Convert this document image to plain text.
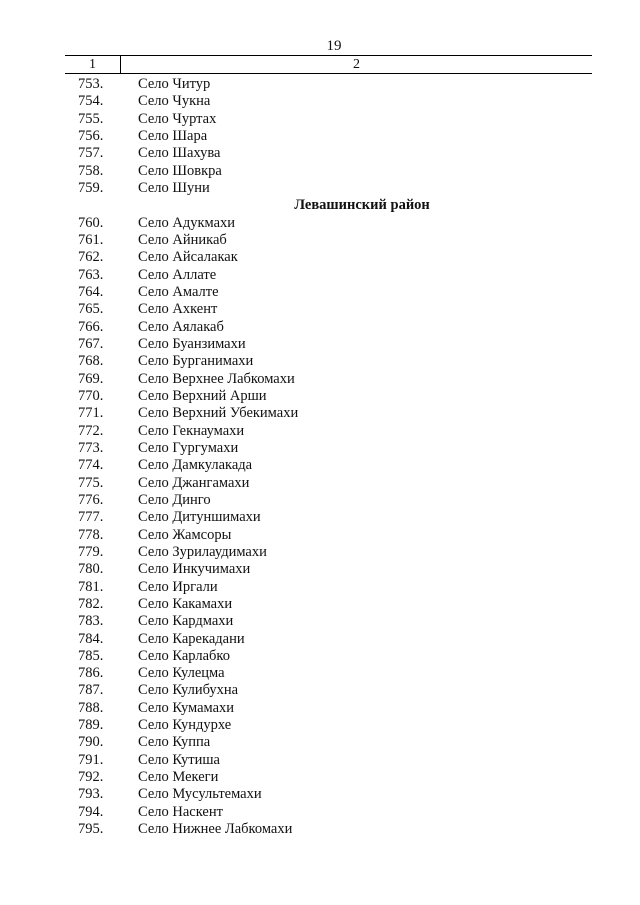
19
1	2
753.	Село Читур
754.	Село Чукна
755.	Село Чуртах
756.	Село Шара
757.	Село Шахува
758.	Село Шовкра
759.	Село Шуни
Левашинский район
760.	Село Адукмахи
761.	Село Айникаб
762.	Село Айсалакак
763.	Село Аллате
764.	Село Амалте
765.	Село Ахкент
766.	Село Аялакаб
767.	Село Буанзимахи
768.	Село Бурганимахи
769.	Село Верхнее Лабкомахи
770.	Село Верхний Арши
771.	Село Верхний Убекимахи
772.	Село Гекнаумахи
773.	Село Гургумахи
774.	Село Дамкулакада
775.	Село Джангамахи
776.	Село Динго
777.	Село Дитуншимахи
778.	Село Жамсоры
779.	Село Зурилаудимахи
780.	Село Инкучимахи
781.	Село Иргали
782.	Село Какамахи
783.	Село Кардмахи
784.	Село Карекадани
785.	Село Карлабко
786.	Село Кулецма
787.	Село Кулибухна
788.	Село Кумамахи
789.	Село Кундурхе
790.	Село Куппа
791.	Село Кутиша
792.	Село Мекеги
793.	Село Мусультемахи
794.	Село Наскент
795.	Село Нижнее Лабкомахи
